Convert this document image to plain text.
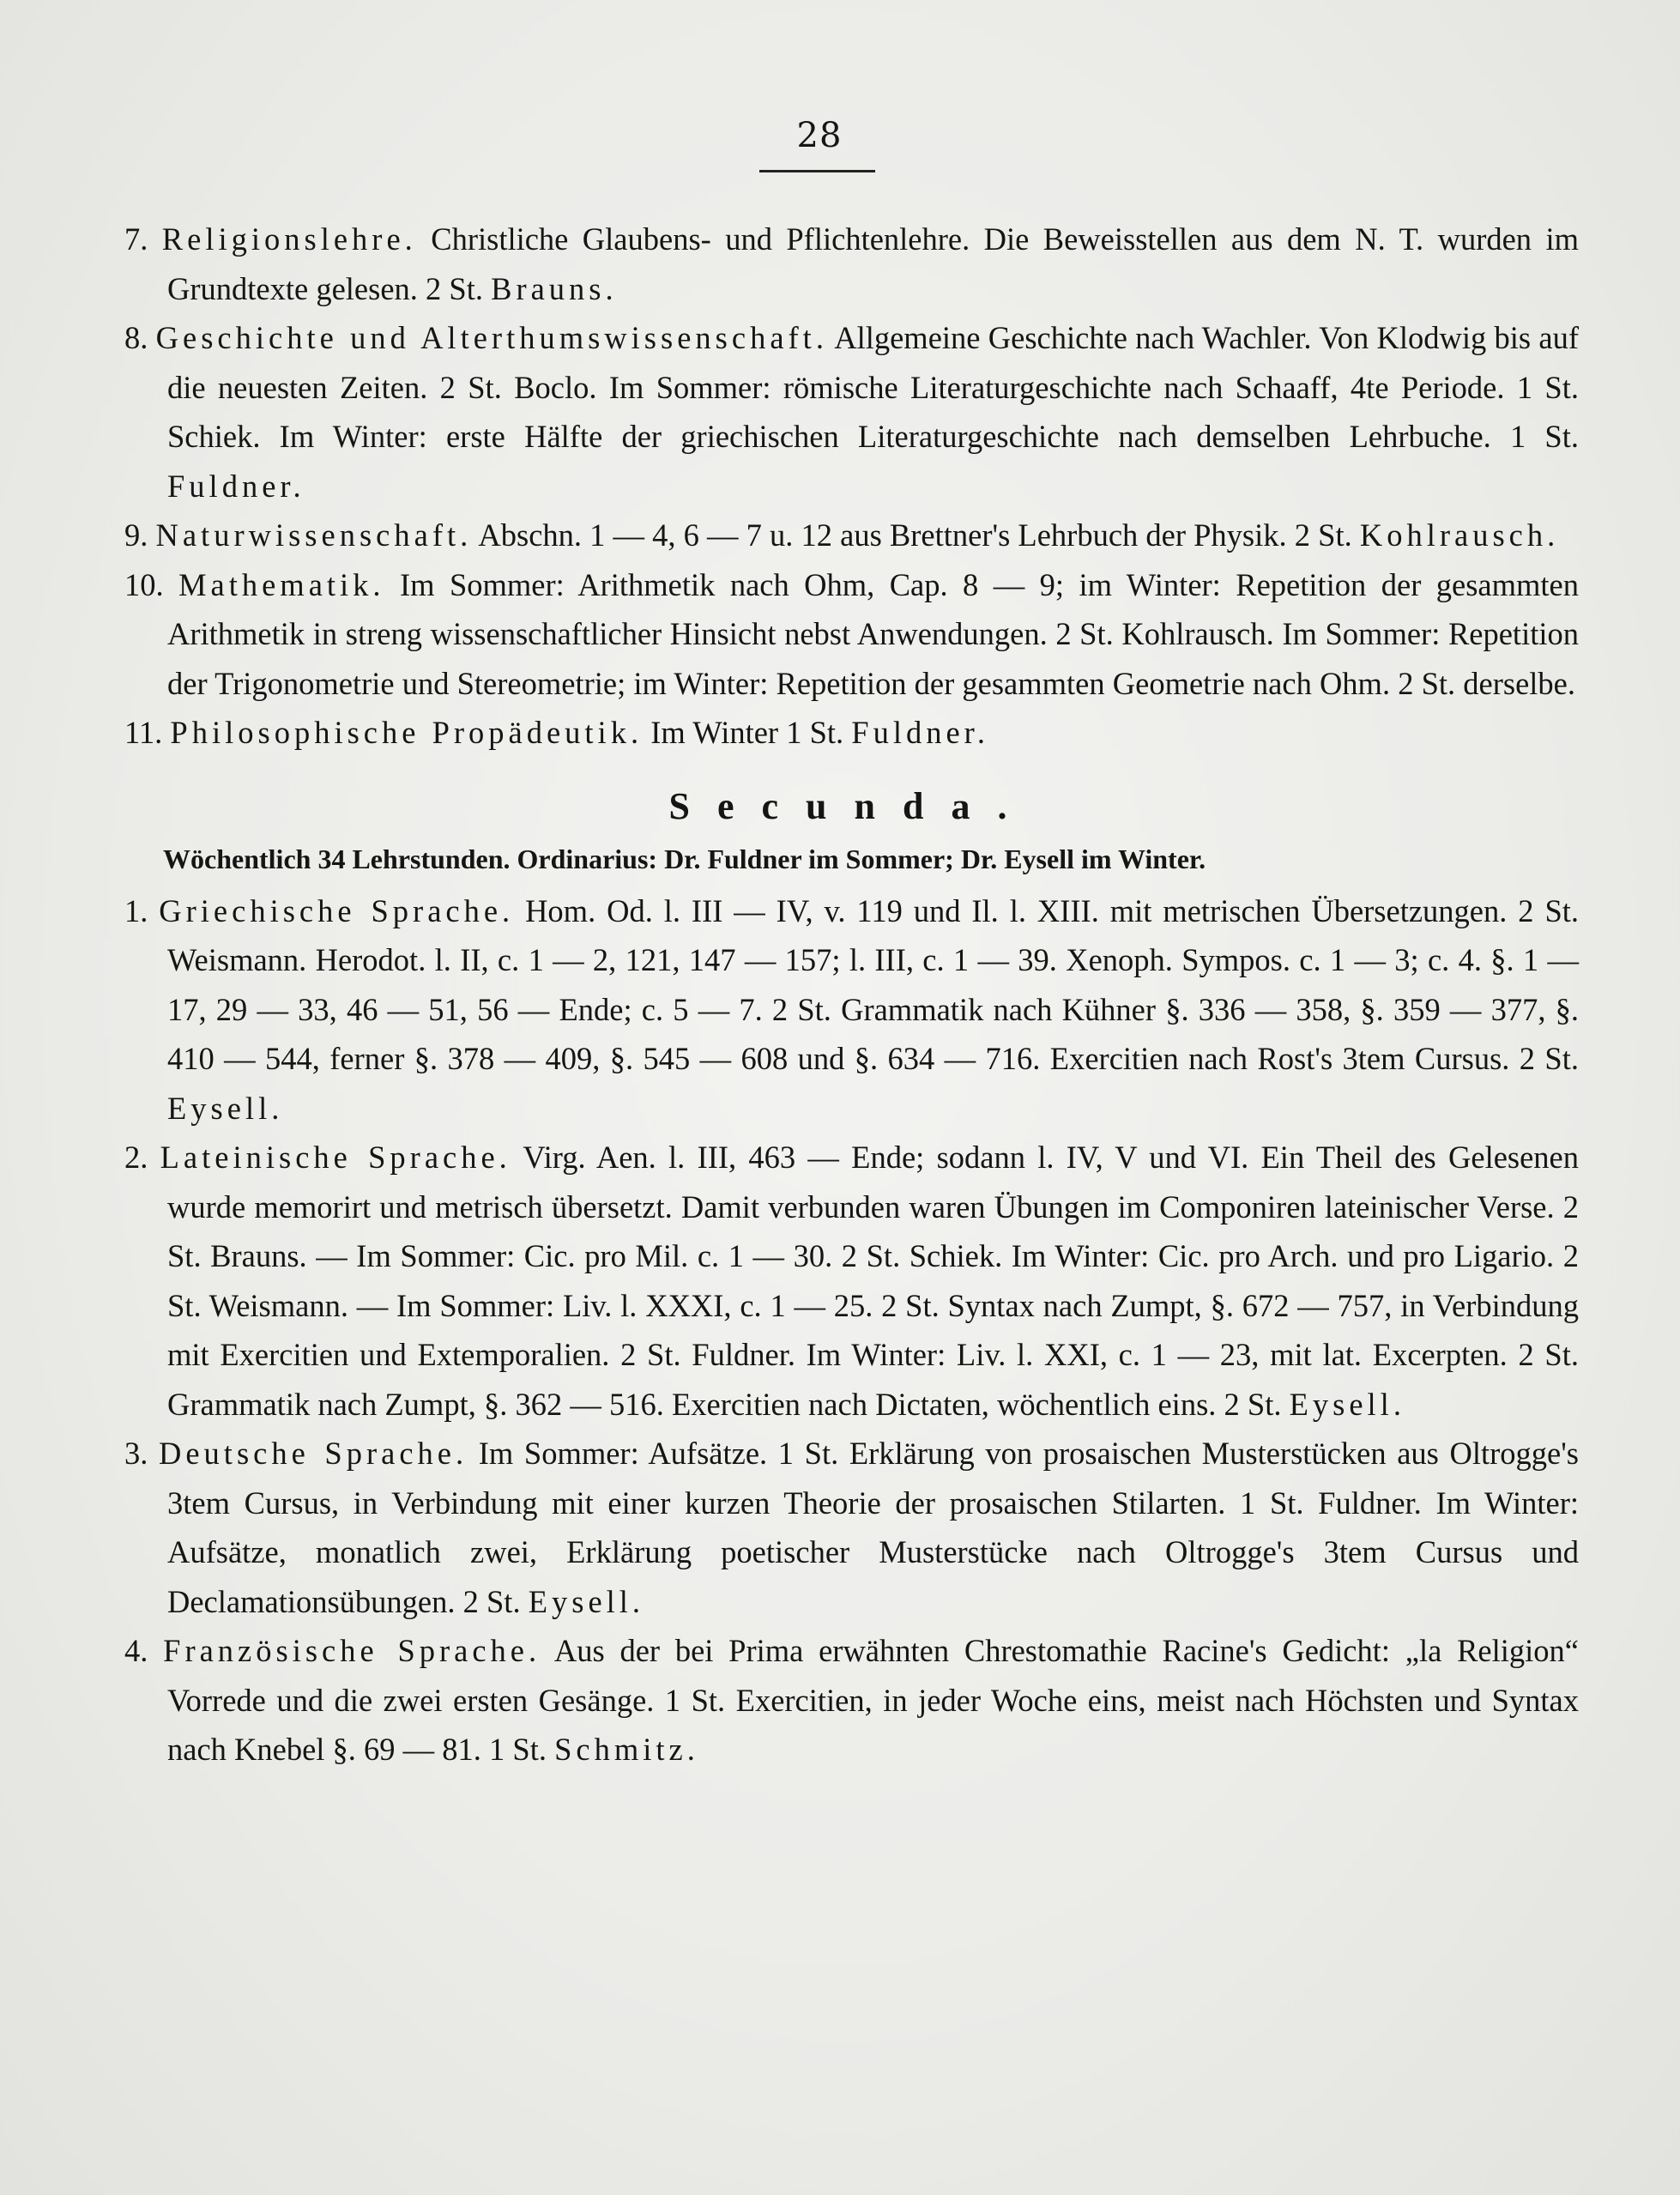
28

7. Religionslehre. Christliche Glaubens- und Pflichtenlehre. Die Beweisstellen aus dem N. T. wurden im Grundtexte gelesen. 2 St. Brauns.

8. Geschichte und Alterthumswissenschaft. Allgemeine Geschichte nach Wachler. Von Klodwig bis auf die neuesten Zeiten. 2 St. Boclo. Im Sommer: römische Literaturgeschichte nach Schaaff, 4te Periode. 1 St. Schiek. Im Winter: erste Hälfte der griechischen Literaturgeschichte nach demselben Lehrbuche. 1 St. Fuldner.

9. Naturwissenschaft. Abschn. 1 — 4, 6 — 7 u. 12 aus Brettner's Lehrbuch der Physik. 2 St. Kohlrausch.

10. Mathematik. Im Sommer: Arithmetik nach Ohm, Cap. 8 — 9; im Winter: Repetition der gesammten Arithmetik in streng wissenschaftlicher Hinsicht nebst Anwendungen. 2 St. Kohlrausch. Im Sommer: Repetition der Trigonometrie und Stereometrie; im Winter: Repetition der gesammten Geometrie nach Ohm. 2 St. derselbe.

11. Philosophische Propädeutik. Im Winter 1 St. Fuldner.

Secunda.
Wöchentlich 34 Lehrstunden. Ordinarius: Dr. Fuldner im Sommer; Dr. Eysell im Winter.

1. Griechische Sprache. Hom. Od. l. III — IV, v. 119 und Il. l. XIII. mit metrischen Übersetzungen. 2 St. Weismann. Herodot. l. II, c. 1 — 2, 121, 147 — 157; l. III, c. 1 — 39. Xenoph. Sympos. c. 1 — 3; c. 4. §. 1 — 17, 29 — 33, 46 — 51, 56 — Ende; c. 5 — 7. 2 St. Grammatik nach Kühner §. 336 — 358, §. 359 — 377, §. 410 — 544, ferner §. 378 — 409, §. 545 — 608 und §. 634 — 716. Exercitien nach Rost's 3tem Cursus. 2 St. Eysell.

2. Lateinische Sprache. Virg. Aen. l. III, 463 — Ende; sodann l. IV, V und VI. Ein Theil des Gelesenen wurde memorirt und metrisch übersetzt. Damit verbunden waren Übungen im Componiren lateinischer Verse. 2 St. Brauns. — Im Sommer: Cic. pro Mil. c. 1 — 30. 2 St. Schiek. Im Winter: Cic. pro Arch. und pro Ligario. 2 St. Weismann. — Im Sommer: Liv. l. XXXI, c. 1 — 25. 2 St. Syntax nach Zumpt, §. 672 — 757, in Verbindung mit Exercitien und Extemporalien. 2 St. Fuldner. Im Winter: Liv. l. XXI, c. 1 — 23, mit lat. Excerpten. 2 St. Grammatik nach Zumpt, §. 362 — 516. Exercitien nach Dictaten, wöchentlich eins. 2 St. Eysell.

3. Deutsche Sprache. Im Sommer: Aufsätze. 1 St. Erklärung von prosaischen Musterstücken aus Oltrogge's 3tem Cursus, in Verbindung mit einer kurzen Theorie der prosaischen Stilarten. 1 St. Fuldner. Im Winter: Aufsätze, monatlich zwei, Erklärung poetischer Musterstücke nach Oltrogge's 3tem Cursus und Declamationsübungen. 2 St. Eysell.

4. Französische Sprache. Aus der bei Prima erwähnten Chrestomathie Racine's Gedicht: „la Religion“ Vorrede und die zwei ersten Gesänge. 1 St. Exercitien, in jeder Woche eins, meist nach Höchsten und Syntax nach Knebel §. 69 — 81. 1 St. Schmitz.
